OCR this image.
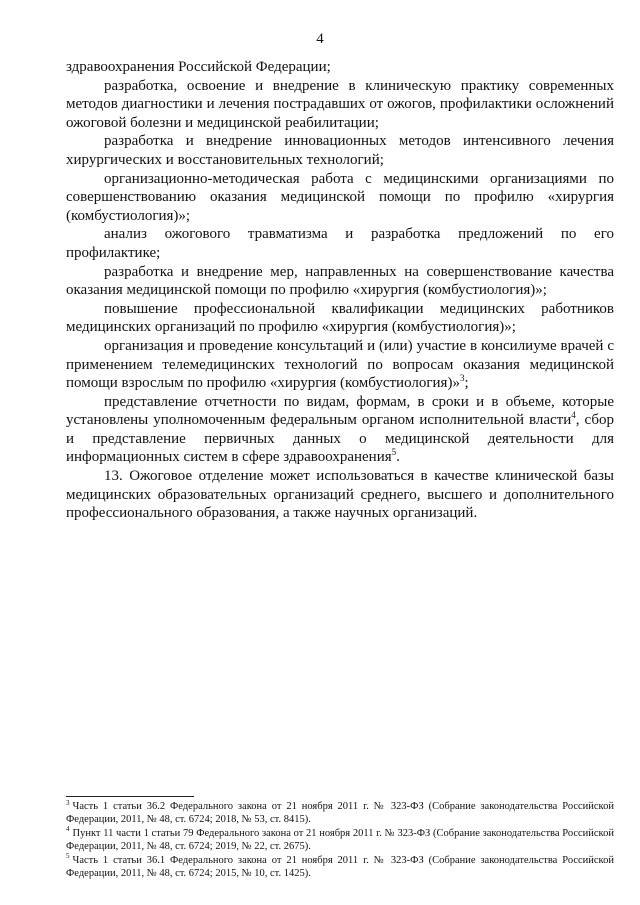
4

здравоохранения Российской Федерации;

разработка, освоение и внедрение в клиническую практику современных методов диагностики и лечения пострадавших от ожогов, профилактики осложнений ожоговой болезни и медицинской реабилитации;

разработка и внедрение инновационных методов интенсивного лечения хирургических и восстановительных технологий;

организационно-методическая работа с медицинскими организациями по совершенствованию оказания медицинской помощи по профилю «хирургия (комбустиология)»;

анализ ожогового травматизма и разработка предложений по его профилактике;

разработка и внедрение мер, направленных на совершенствование качества оказания медицинской помощи по профилю «хирургия (комбустиология)»;

повышение профессиональной квалификации медицинских работников медицинских организаций по профилю «хирургия (комбустиология)»;

организация и проведение консультаций и (или) участие в консилиуме врачей с применением телемедицинских технологий по вопросам оказания медицинской помощи взрослым по профилю «хирургия (комбустиология)»$^3$;

представление отчетности по видам, формам, в сроки и в объеме, которые установлены уполномоченным федеральным органом исполнительной власти$^4$, сбор и представление первичных данных о медицинской деятельности для информационных систем в сфере здравоохранения$^5$.

13. Ожоговое отделение может использоваться в качестве клинической базы медицинских образовательных организаций среднего, высшего и дополнительного профессионального образования, а также научных организаций.

$^3$ Часть 1 статьи 36.2 Федерального закона от 21 ноября 2011 г. № 323-ФЗ (Собрание законодательства Российской Федерации, 2011, № 48, ст. 6724; 2018, № 53, ст. 8415).

$^4$ Пункт 11 части 1 статьи 79 Федерального закона от 21 ноября 2011 г. № 323-ФЗ (Собрание законодательства Российской Федерации, 2011, № 48, ст. 6724; 2019, № 22, ст. 2675).

$^5$ Часть 1 статьи 36.1 Федерального закона от 21 ноября 2011 г. № 323-ФЗ (Собрание законодательства Российской Федерации, 2011, № 48, ст. 6724; 2015, № 10, ст. 1425).
